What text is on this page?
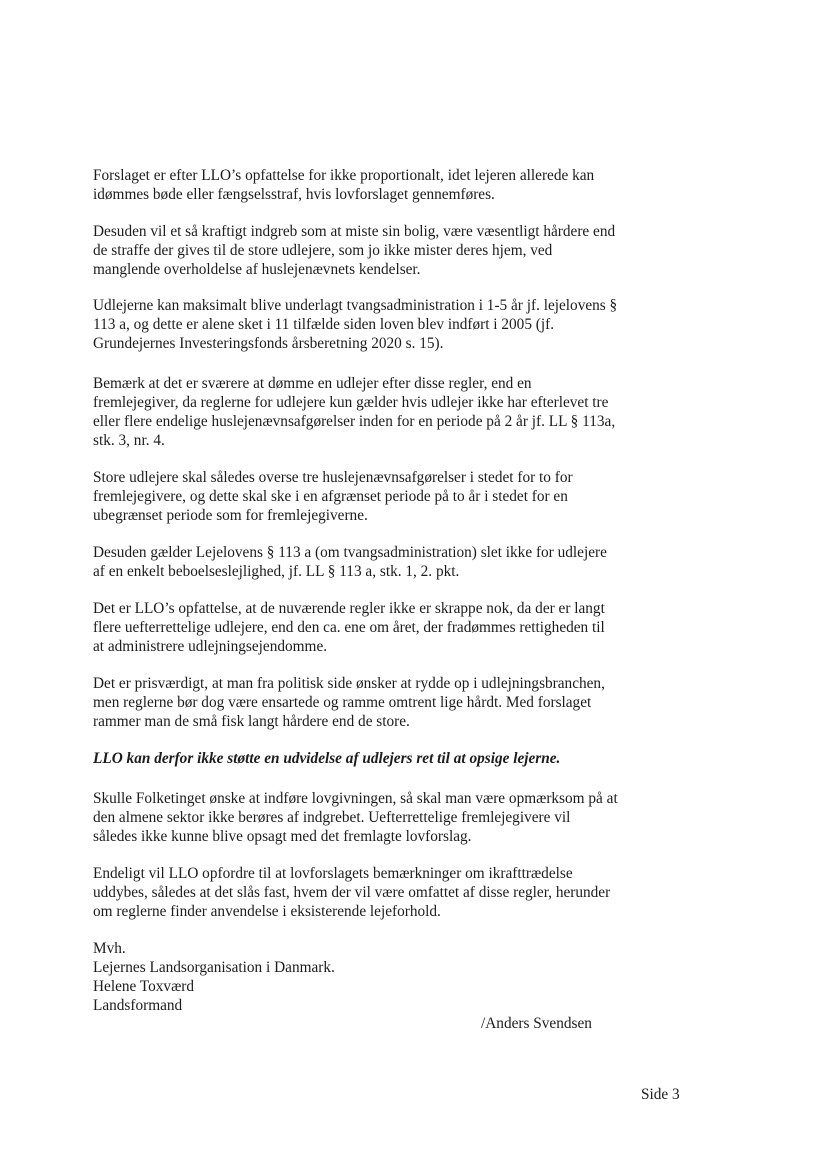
Forslaget er efter LLO’s opfattelse for ikke proportionalt, idet lejeren allerede kan
idømmes bøde eller fængselsstraf, hvis lovforslaget gennemføres.

Desuden vil et så kraftigt indgreb som at miste sin bolig, være væsentligt hårdere end
de straffe der gives til de store udlejere, som jo ikke mister deres hjem, ved
manglende overholdelse af huslejenævnets kendelser.

Udlejerne kan maksimalt blive underlagt tvangsadministration i 1-5 år jf. lejelovens §
113 a, og dette er alene sket i 11 tilfælde siden loven blev indført i 2005 (jf.
Grundejernes Investeringsfonds årsberetning 2020 s. 15).

Bemærk at det er sværere at dømme en udlejer efter disse regler, end en
fremlejegiver, da reglerne for udlejere kun gælder hvis udlejer ikke har efterlevet tre
eller flere endelige huslejenævnsafgørelser inden for en periode på 2 år jf. LL § 113a,
stk. 3, nr. 4.

Store udlejere skal således overse tre huslejenævnsafgørelser i stedet for to for
fremlejegivere, og dette skal ske i en afgrænset periode på to år i stedet for en
ubegrænset periode som for fremlejegiverne.

Desuden gælder Lejelovens § 113 a (om tvangsadministration) slet ikke for udlejere
af en enkelt beboelseslejlighed, jf. LL § 113 a, stk. 1, 2. pkt.

Det er LLO’s opfattelse, at de nuværende regler ikke er skrappe nok, da der er langt
flere uefterrettelige udlejere, end den ca. ene om året, der fradømmes rettigheden til
at administrere udlejningsejendomme.

Det er prisværdigt, at man fra politisk side ønsker at rydde op i udlejningsbranchen,
men reglerne bør dog være ensartede og ramme omtrent lige hårdt. Med forslaget
rammer man de små fisk langt hårdere end de store.

LLO kan derfor ikke støtte en udvidelse af udlejers ret til at opsige lejerne.

Skulle Folketinget ønske at indføre lovgivningen, så skal man være opmærksom på at
den almene sektor ikke berøres af indgrebet. Uefterrettelige fremlejegivere vil
således ikke kunne blive opsagt med det fremlagte lovforslag.

Endeligt vil LLO opfordre til at lovforslagets bemærkninger om ikrafttrædelse
uddybes, således at det slås fast, hvem der vil være omfattet af disse regler, herunder
om reglerne finder anvendelse i eksisterende lejeforhold.

Mvh.
Lejernes Landsorganisation i Danmark.
Helene Toxværd
Landsformand

/Anders Svendsen
Side 3
